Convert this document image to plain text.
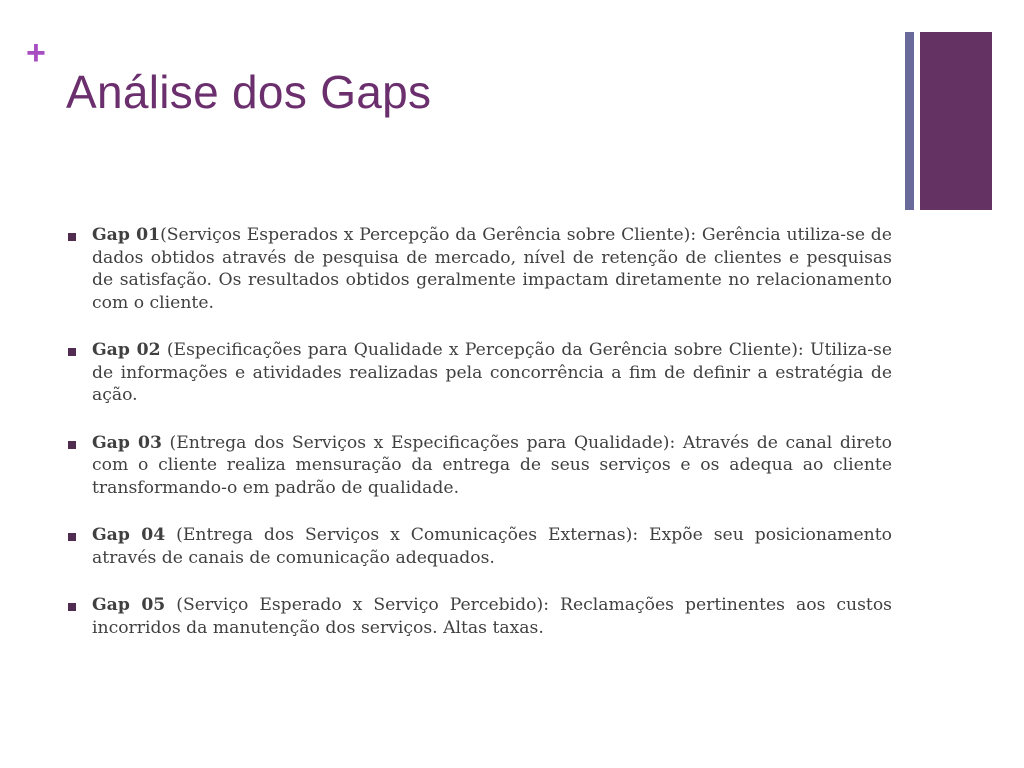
+
Análise dos Gaps
Gap 01(Serviços Esperados x Percepção da Gerência sobre Cliente): Gerência utiliza-se de dados obtidos através de pesquisa de mercado, nível de retenção de clientes e pesquisas de satisfação. Os resultados obtidos geralmente impactam diretamente no relacionamento com o cliente.
Gap 02 (Especificações para Qualidade x Percepção da Gerência sobre Cliente): Utiliza-se de informações e atividades realizadas pela concorrência a fim de definir a estratégia de ação.
Gap 03 (Entrega dos Serviços x Especificações para Qualidade): Através de canal direto com o cliente realiza mensuração da entrega de seus serviços e os adequa ao cliente transformando-o em padrão de qualidade.
Gap 04 (Entrega dos Serviços x Comunicações Externas): Expõe seu posicionamento através de canais de comunicação adequados.
Gap 05 (Serviço Esperado x Serviço Percebido): Reclamações pertinentes aos custos incorridos da manutenção dos serviços. Altas taxas.
